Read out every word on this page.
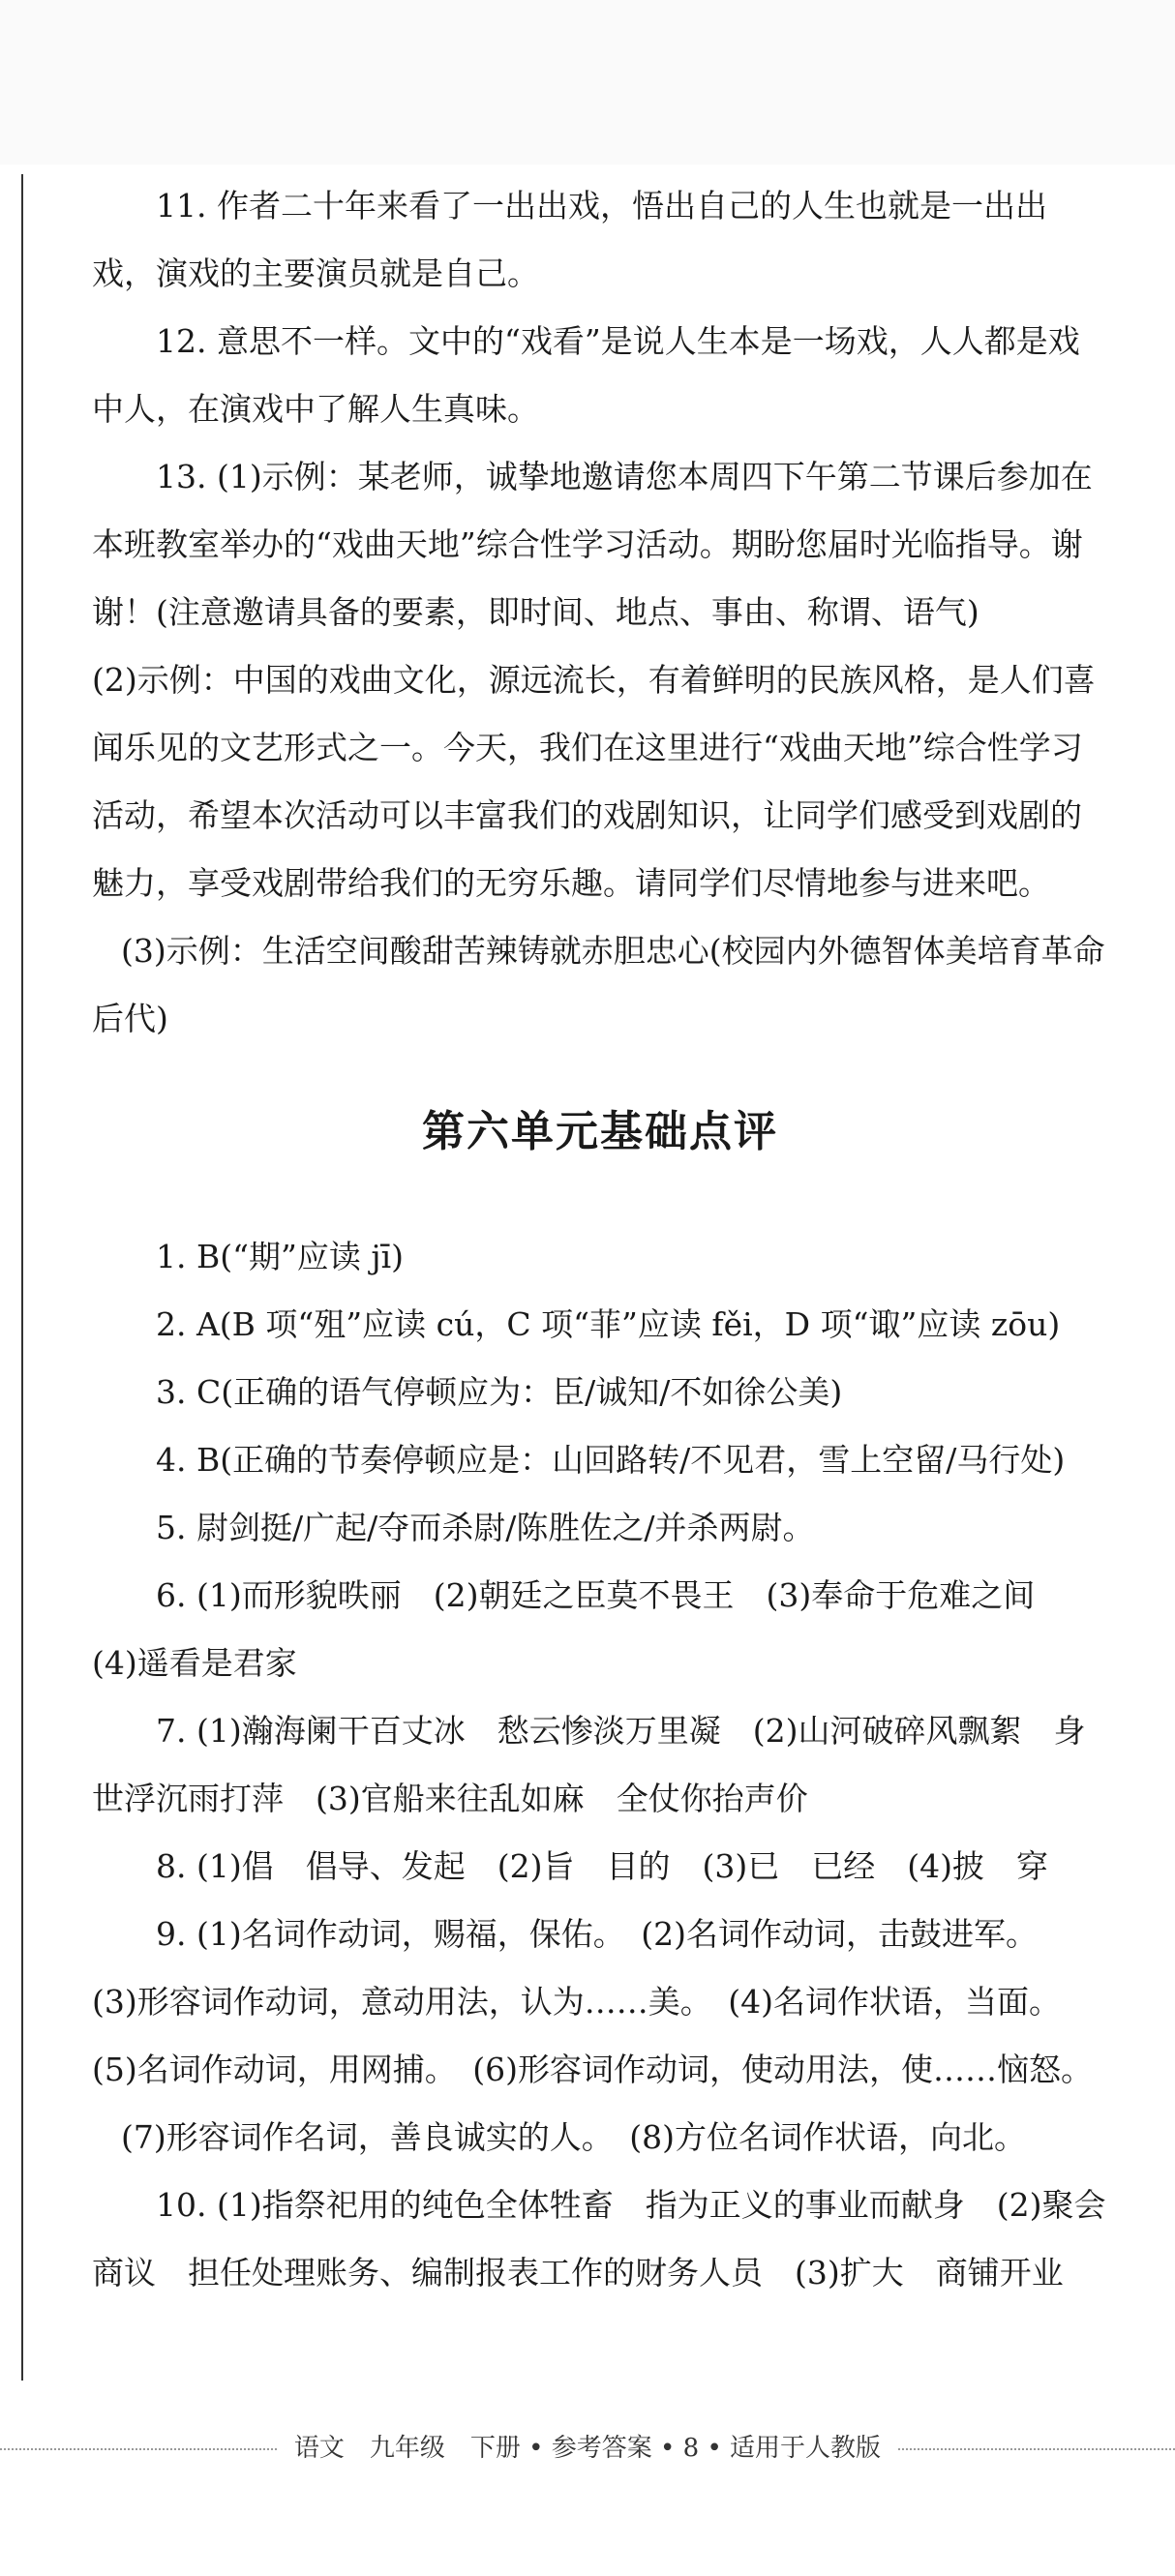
11. 作者二十年来看了一出出戏，悟出自己的人生也就是一出出戏，演戏的主要演员就是自己。

12. 意思不一样。文中的“戏看”是说人生本是一场戏，人人都是戏中人，在演戏中了解人生真味。

13. (1)示例：某老师，诚挚地邀请您本周四下午第二节课后参加在本班教室举办的“戏曲天地”综合性学习活动。期盼您届时光临指导。谢谢！(注意邀请具备的要素，即时间、地点、事由、称谓、语气)

(2)示例：中国的戏曲文化，源远流长，有着鲜明的民族风格，是人们喜闻乐见的文艺形式之一。今天，我们在这里进行“戏曲天地”综合性学习活动，希望本次活动可以丰富我们的戏剧知识，让同学们感受到戏剧的魅力，享受戏剧带给我们的无穷乐趣。请同学们尽情地参与进来吧。

(3)示例：生活空间酸甜苦辣铸就赤胆忠心(校园内外德智体美培育革命后代)

第六单元基础点评

1. B(“期”应读 jī)

2. A(B 项“殂”应读 cú，C 项“菲”应读 fěi，D 项“诹”应读 zōu)

3. C(正确的语气停顿应为：臣/诚知/不如徐公美)

4. B(正确的节奏停顿应是：山回路转/不见君，雪上空留/马行处)

5. 尉剑挺/广起/夺而杀尉/陈胜佐之/并杀两尉。

6. (1)而形貌昳丽　(2)朝廷之臣莫不畏王　(3)奉命于危难之间　(4)遥看是君家

7. (1)瀚海阑干百丈冰　愁云惨淡万里凝　(2)山河破碎风飘絮　身世浮沉雨打萍　(3)官船来往乱如麻　全仗你抬声价

8. (1)倡　倡导、发起　(2)旨　目的　(3)已　已经　(4)披　穿

9. (1)名词作动词，赐福，保佑。　(2)名词作动词，击鼓进军。

(3)形容词作动词，意动用法，认为……美。　(4)名词作状语，当面。

(5)名词作动词，用网捕。　(6)形容词作动词，使动用法，使……恼怒。

(7)形容词作名词，善良诚实的人。　(8)方位名词作状语，向北。

10. (1)指祭祀用的纯色全体牲畜　指为正义的事业而献身　(2)聚会商议　担任处理账务、编制报表工作的财务人员　(3)扩大　商铺开业

语文　九年级　下册 • 参考答案 • 8 • 适用于人教版
